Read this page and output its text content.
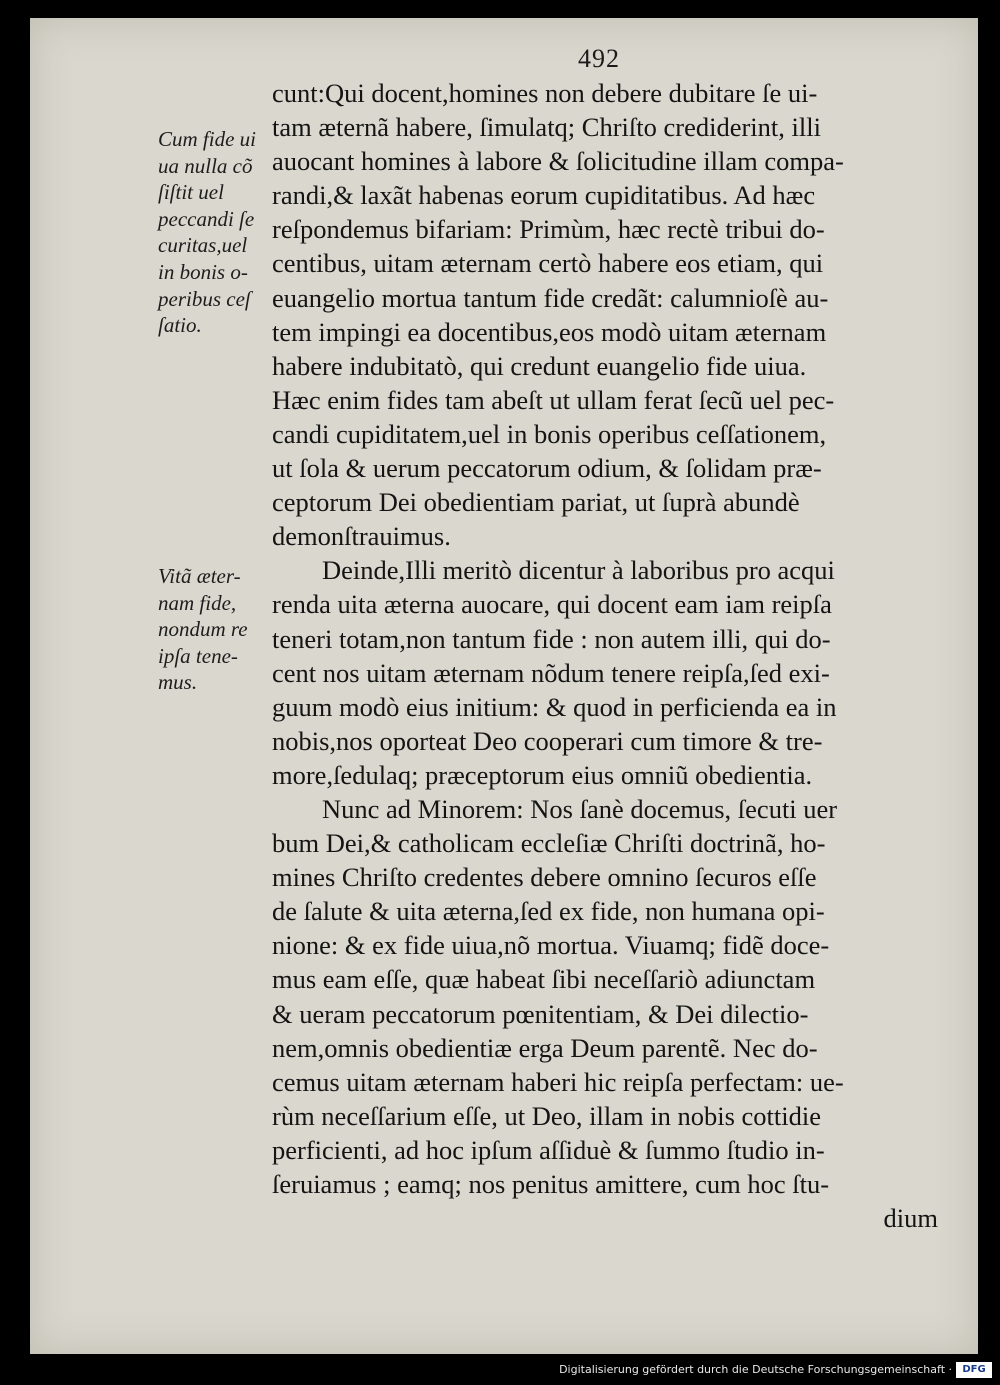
492
Cum fide ui
ua nulla cõ
ſiſtit uel
peccandi ſe
curitas,uel
in bonis o-
peribus ceſ
ſatio.
Vitã æter-
nam fide,
nondum re
ipſa tene-
mus.
cunt:Qui docent,homines non debere dubitare ſe ui-
tam æternã habere, ſimulatq; Chriſto crediderint, illi
auocant homines à labore & ſolicitudine illam compa-
randi,& laxãt habenas eorum cupiditatibus. Ad hæc
reſpondemus bifariam: Primùm, hæc rectè tribui do-
centibus, uitam æternam certò habere eos etiam, qui
euangelio mortua tantum fide credãt: calumnioſè au-
tem impingi ea docentibus,eos modò uitam æternam
habere indubitatò, qui credunt euangelio fide uiua.
Hæc enim fides tam abeſt ut ullam ferat ſecũ uel pec-
candi cupiditatem,uel in bonis operibus ceſſationem,
ut ſola & uerum peccatorum odium, & ſolidam præ-
ceptorum Dei obedientiam pariat, ut ſuprà abundè
demonſtrauimus.
Deinde,Illi meritò dicentur à laboribus pro acqui
renda uita æterna auocare, qui docent eam iam reipſa
teneri totam,non tantum fide : non autem illi, qui do-
cent nos uitam æternam nõdum tenere reipſa,ſed exi-
guum modò eius initium: & quod in perficienda ea in
nobis,nos oporteat Deo cooperari cum timore & tre-
more,ſedulaq; præceptorum eius omniũ obedientia.
Nunc ad Minorem: Nos ſanè docemus, ſecuti uer
bum Dei,& catholicam eccleſiæ Chriſti doctrinã, ho-
mines Chriſto credentes debere omnino ſecuros eſſe
de ſalute & uita æterna,ſed ex fide, non humana opi-
nione: & ex fide uiua,nõ mortua. Viuamq; fidẽ doce-
mus eam eſſe, quæ habeat ſibi neceſſariò adiunctam
& ueram peccatorum pœnitentiam, & Dei dilectio-
nem,omnis obedientiæ erga Deum parentẽ. Nec do-
cemus uitam æternam haberi hic reipſa perfectam: ue-
rùm neceſſarium eſſe, ut Deo, illam in nobis cottidie
perficienti, ad hoc ipſum aſſiduè & ſummo ſtudio in-
ſeruiamus ; eamq; nos penitus amittere, cum hoc ſtu-
dium
Digitalisierung gefördert durch die Deutsche Forschungsgemeinschaft ·	DFG
